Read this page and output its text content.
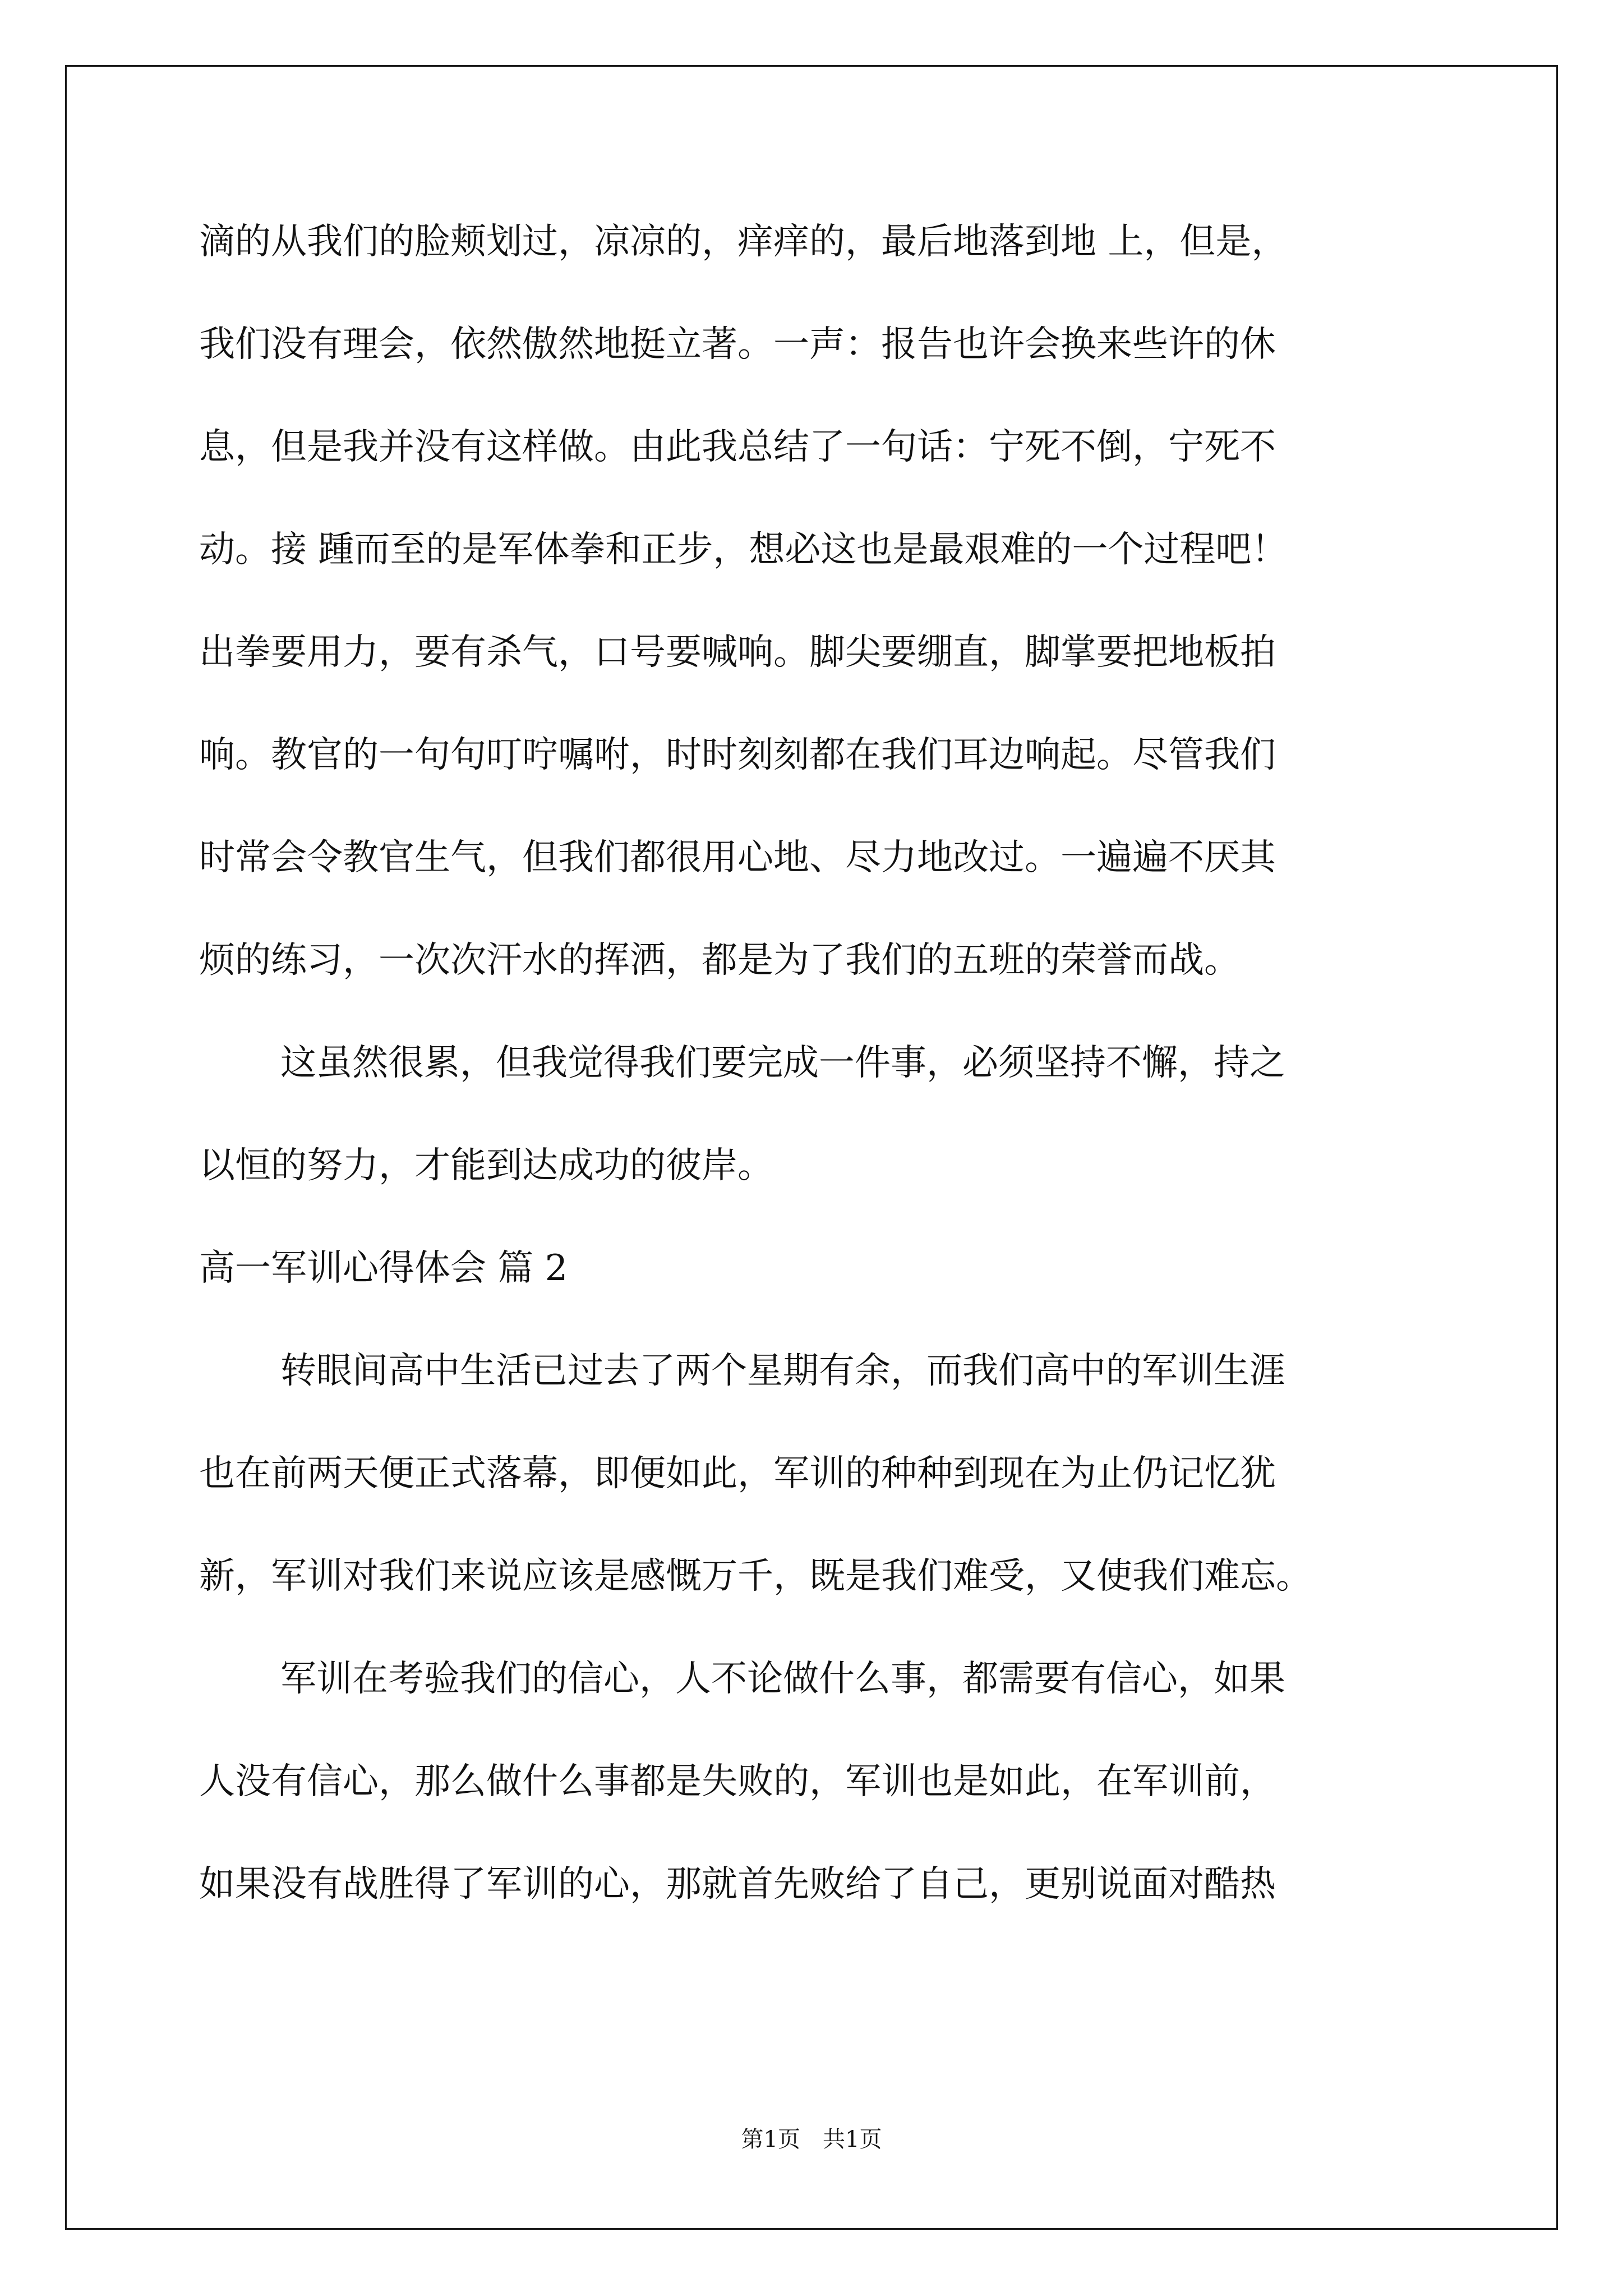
滴的从我们的脸颊划过，凉凉的，痒痒的，最后地落到地 上，但是，
我们没有理会，依然傲然地挺立著。一声：报告也许会换来些许的休
息，但是我并没有这样做。由此我总结了一句话：宁死不倒，宁死不
动。接 踵而至的是军体拳和正步，想必这也是最艰难的一个过程吧！
出拳要用力，要有杀气，口号要喊响。脚尖要绷直，脚掌要把地板拍
响。教官的一句句叮咛嘱咐，时时刻刻都在我们耳边响起。尽管我们
时常会令教官生气，但我们都很用心地、尽力地改过。一遍遍不厌其
烦的练习，一次次汗水的挥洒，都是为了我们的五班的荣誉而战。
这虽然很累，但我觉得我们要完成一件事，必须坚持不懈，持之
以恒的努力，才能到达成功的彼岸。
高一军训心得体会 篇 2
转眼间高中生活已过去了两个星期有余，而我们高中的军训生涯
也在前两天便正式落幕，即便如此，军训的种种到现在为止仍记忆犹
新，军训对我们来说应该是感慨万千，既是我们难受，又使我们难忘。
军训在考验我们的信心，人不论做什么事，都需要有信心，如果
人没有信心，那么做什么事都是失败的，军训也是如此，在军训前，
如果没有战胜得了军训的心，那就首先败给了自己，更别说面对酷热
第1页　共1页
